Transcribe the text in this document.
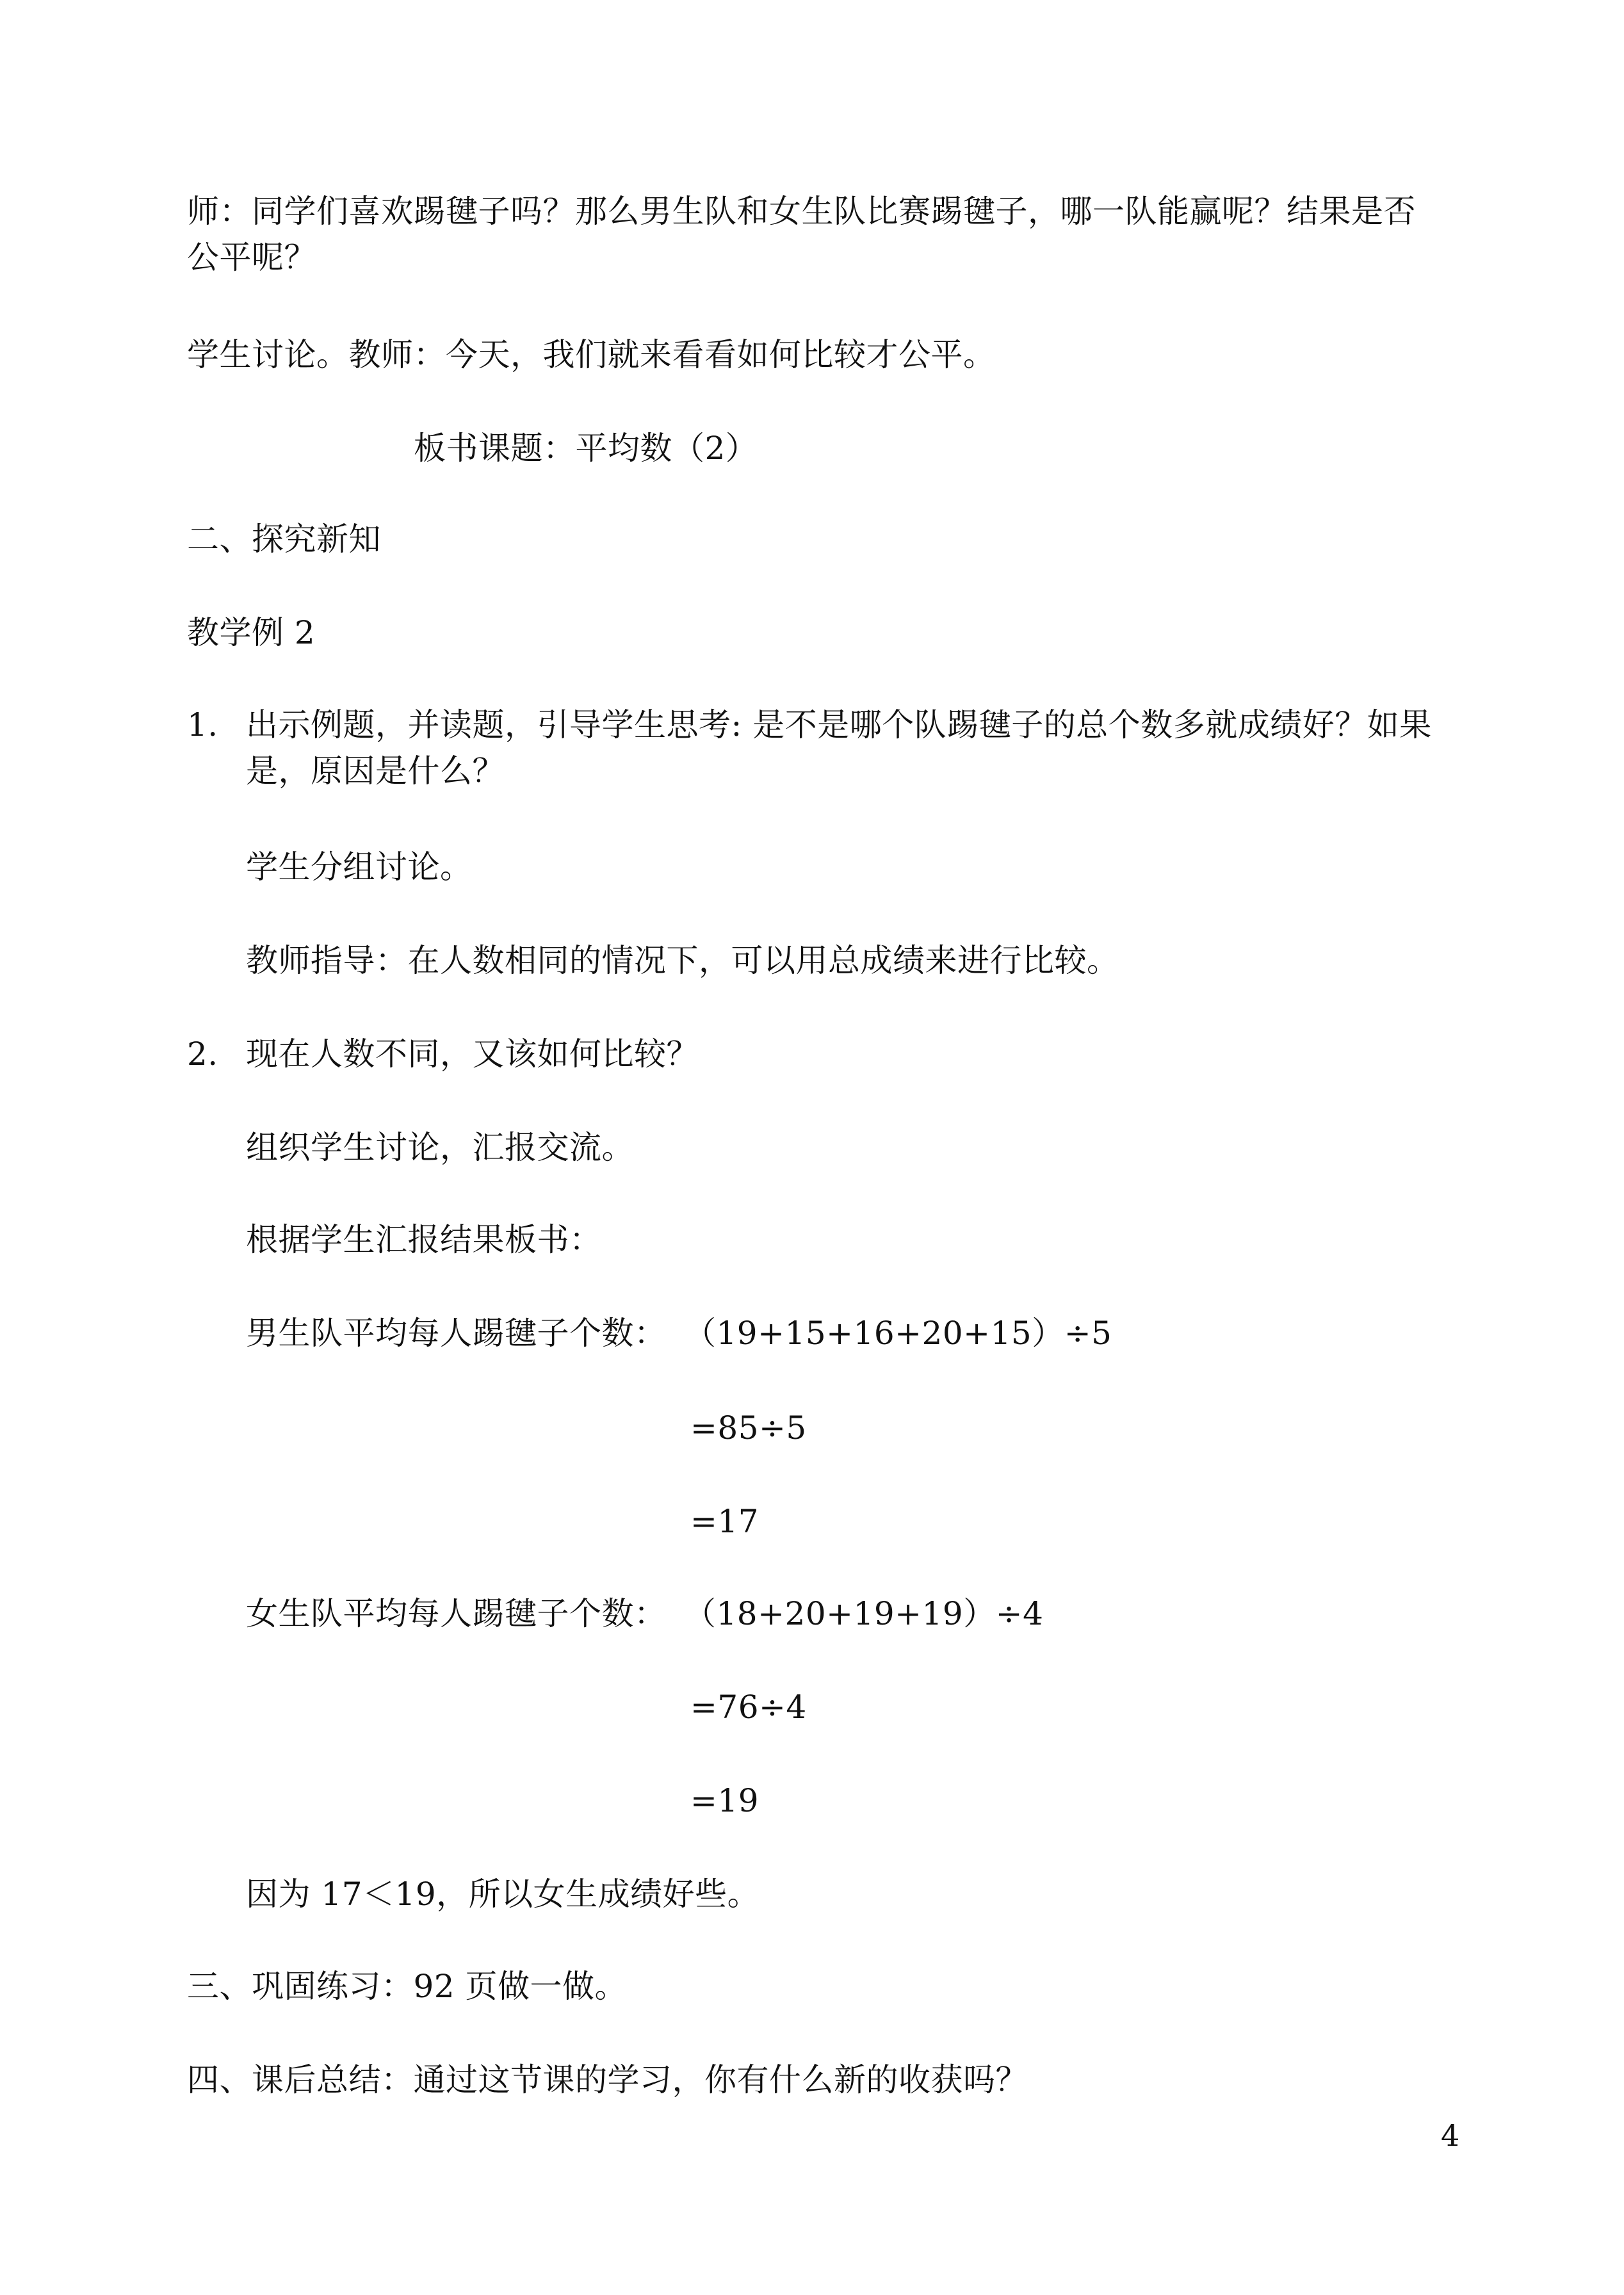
师：同学们喜欢踢毽子吗？那么男生队和女生队比赛踢毽子，哪一队能赢呢？结果是否
公平呢？
学生讨论。教师：今天，我们就来看看如何比较才公平。
板书课题：平均数（2）
二、探究新知
教学例 2
1. 出示例题，并读题，引导学生思考: 是不是哪个队踢毽子的总个数多就成绩好？如果
是，原因是什么？
学生分组讨论。
教师指导：在人数相同的情况下，可以用总成绩来进行比较。
2. 现在人数不同，又该如何比较？
组织学生讨论，汇报交流。
根据学生汇报结果板书：
男生队平均每人踢毽子个数： （19+15+16+20+15）÷5
=85÷5
=17
女生队平均每人踢毽子个数： （18+20+19+19）÷4
=76÷4
=19
因为 17＜19，所以女生成绩好些。
三、巩固练习：92 页做一做。
四、课后总结：通过这节课的学习，你有什么新的收获吗？
4
